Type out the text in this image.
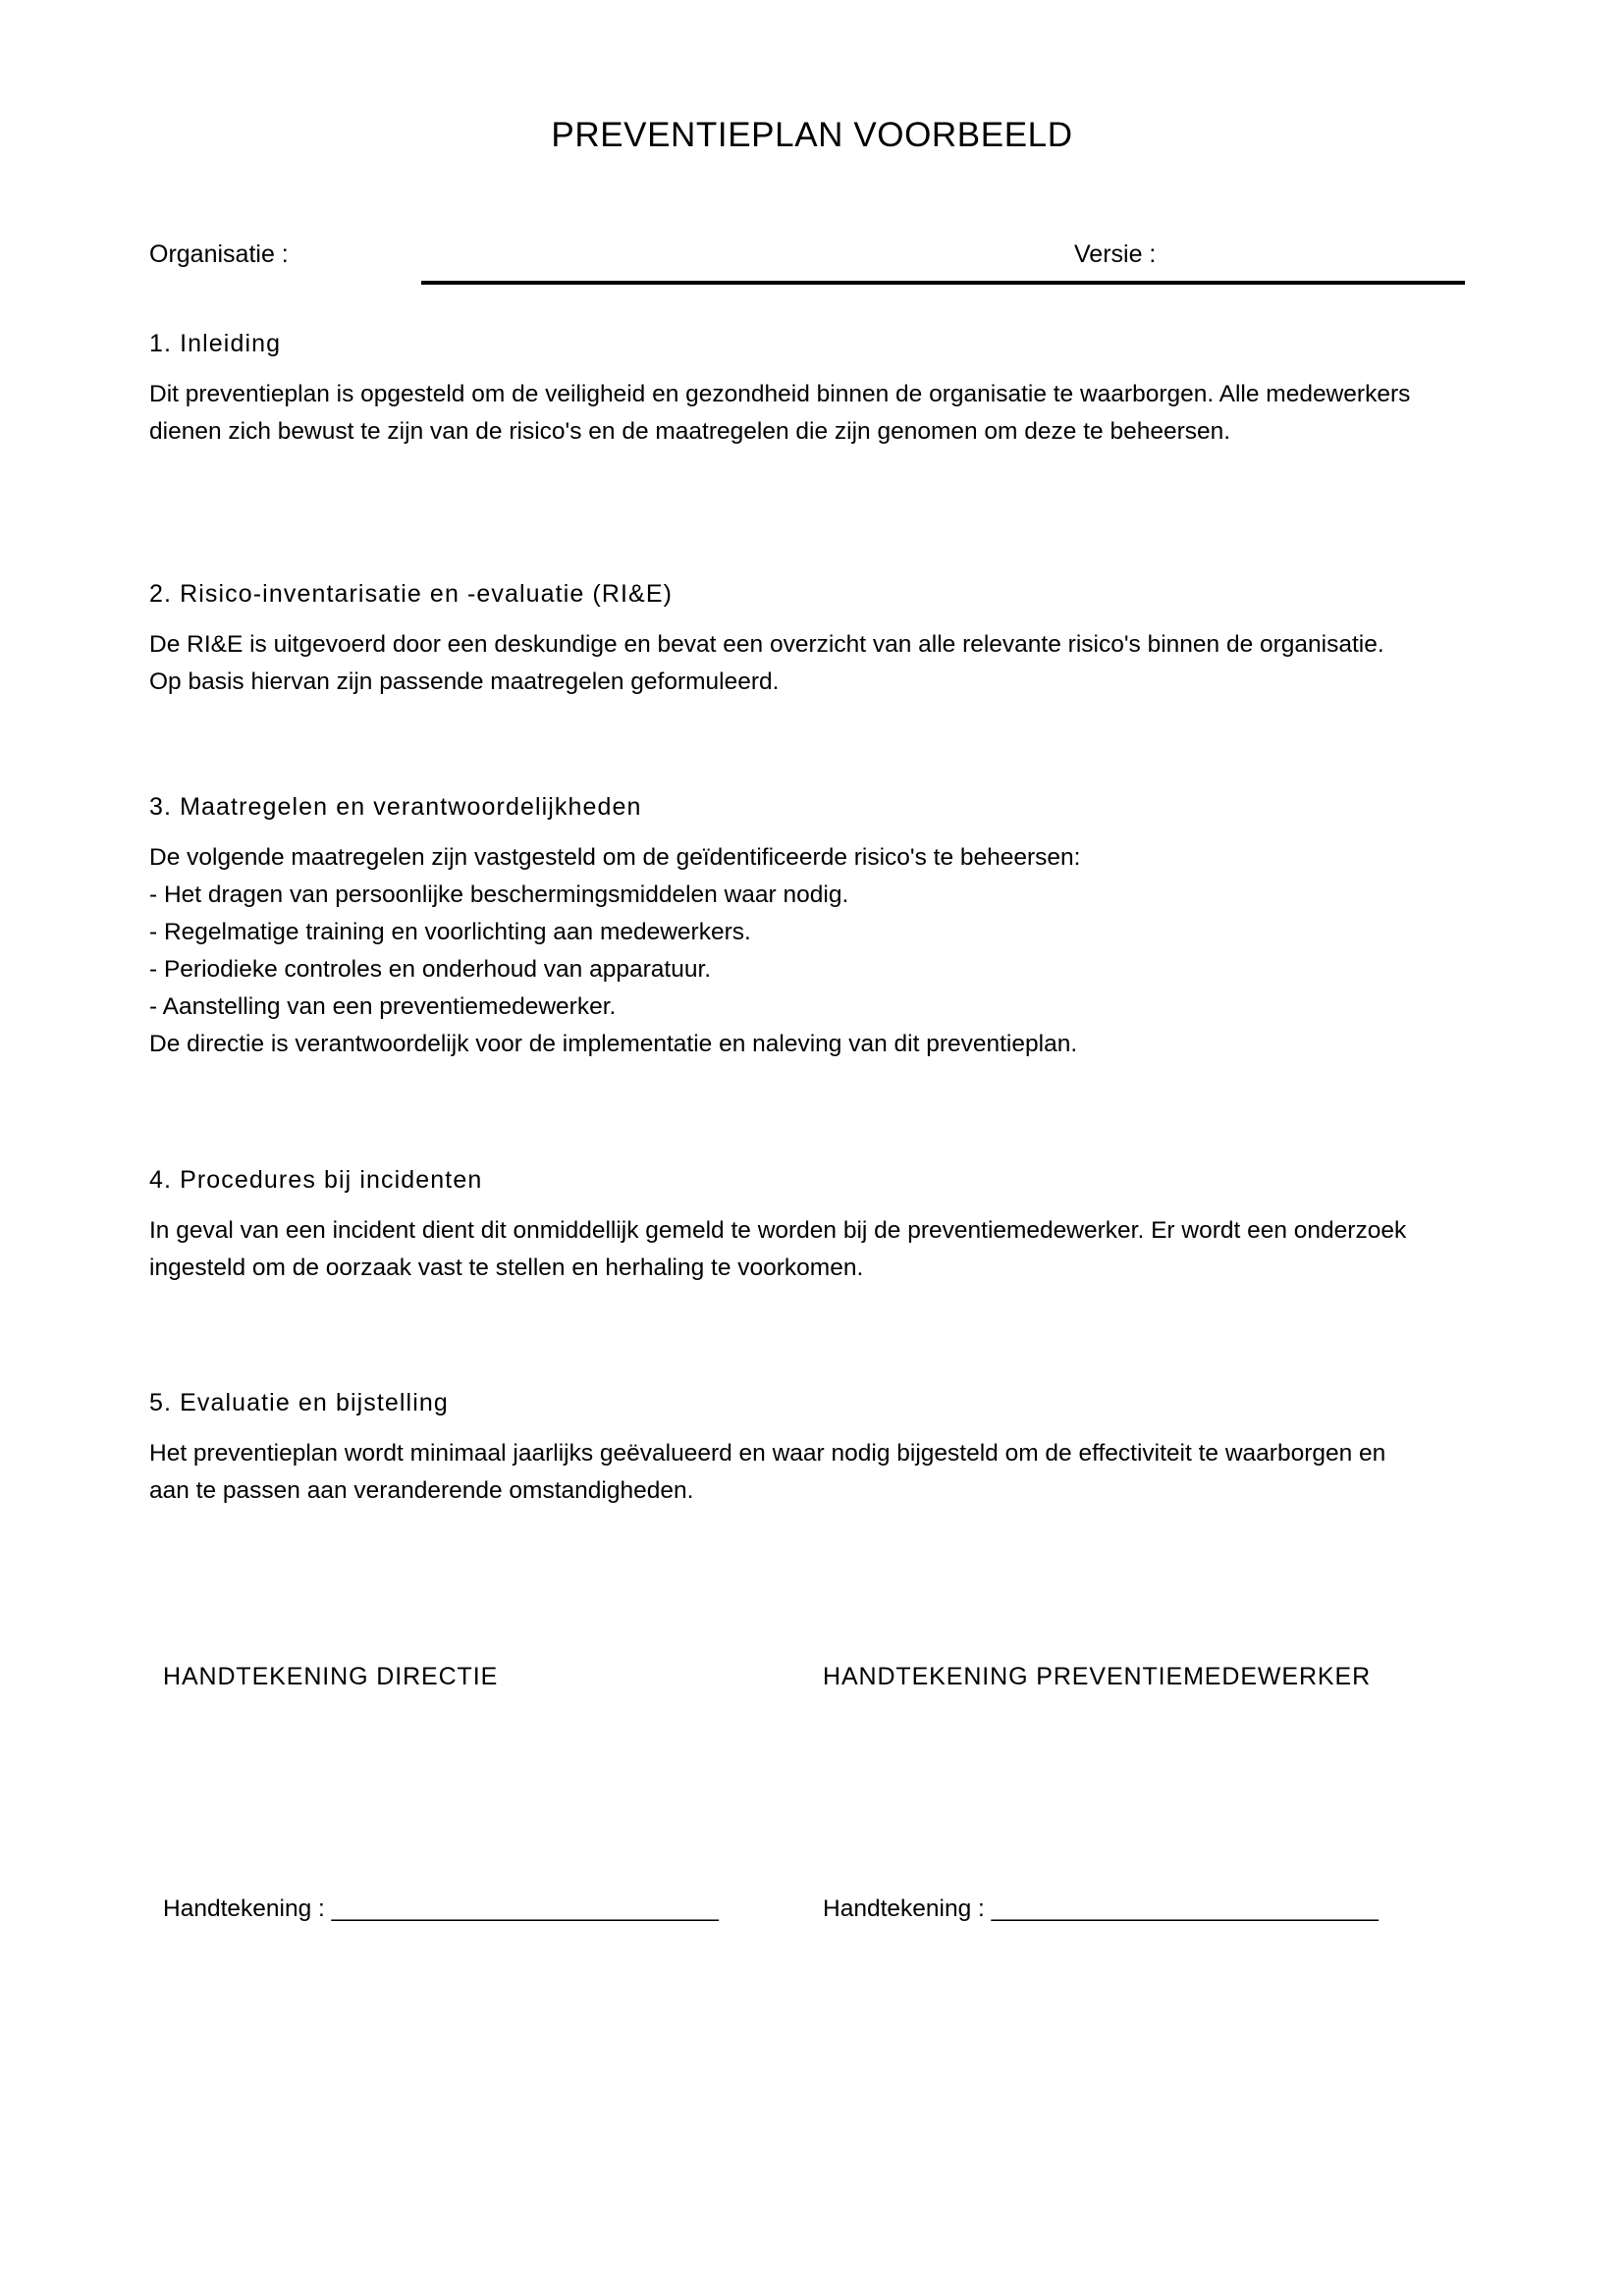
PREVENTIEPLAN VOORBEELD
Organisatie :	Versie :
1. Inleiding
Dit preventieplan is opgesteld om de veiligheid en gezondheid binnen de organisatie te waarborgen. Alle medewerkers dienen zich bewust te zijn van de risico's en de maatregelen die zijn genomen om deze te beheersen.
2. Risico-inventarisatie en -evaluatie (RI&E)
De RI&E is uitgevoerd door een deskundige en bevat een overzicht van alle relevante risico's binnen de organisatie. Op basis hiervan zijn passende maatregelen geformuleerd.
3. Maatregelen en verantwoordelijkheden

De volgende maatregelen zijn vastgesteld om de geïdentificeerde risico's te beheersen:

- Het dragen van persoonlijke beschermingsmiddelen waar nodig.

- Regelmatige training en voorlichting aan medewerkers.

- Periodieke controles en onderhoud van apparatuur.

- Aanstelling van een preventiemedewerker.

De directie is verantwoordelijk voor de implementatie en naleving van dit preventieplan.

4. Procedures bij incidenten
In geval van een incident dient dit onmiddellijk gemeld te worden bij de preventiemedewerker. Er wordt een onderzoek ingesteld om de oorzaak vast te stellen en herhaling te voorkomen.
5. Evaluatie en bijstelling
Het preventieplan wordt minimaal jaarlijks geëvalueerd en waar nodig bijgesteld om de effectiviteit te waarborgen en aan te passen aan veranderende omstandigheden.
HANDTEKENING DIRECTIE	HANDTEKENING PREVENTIEMEDEWERKER
Handtekening : ______________________________	Handtekening : ______________________________
